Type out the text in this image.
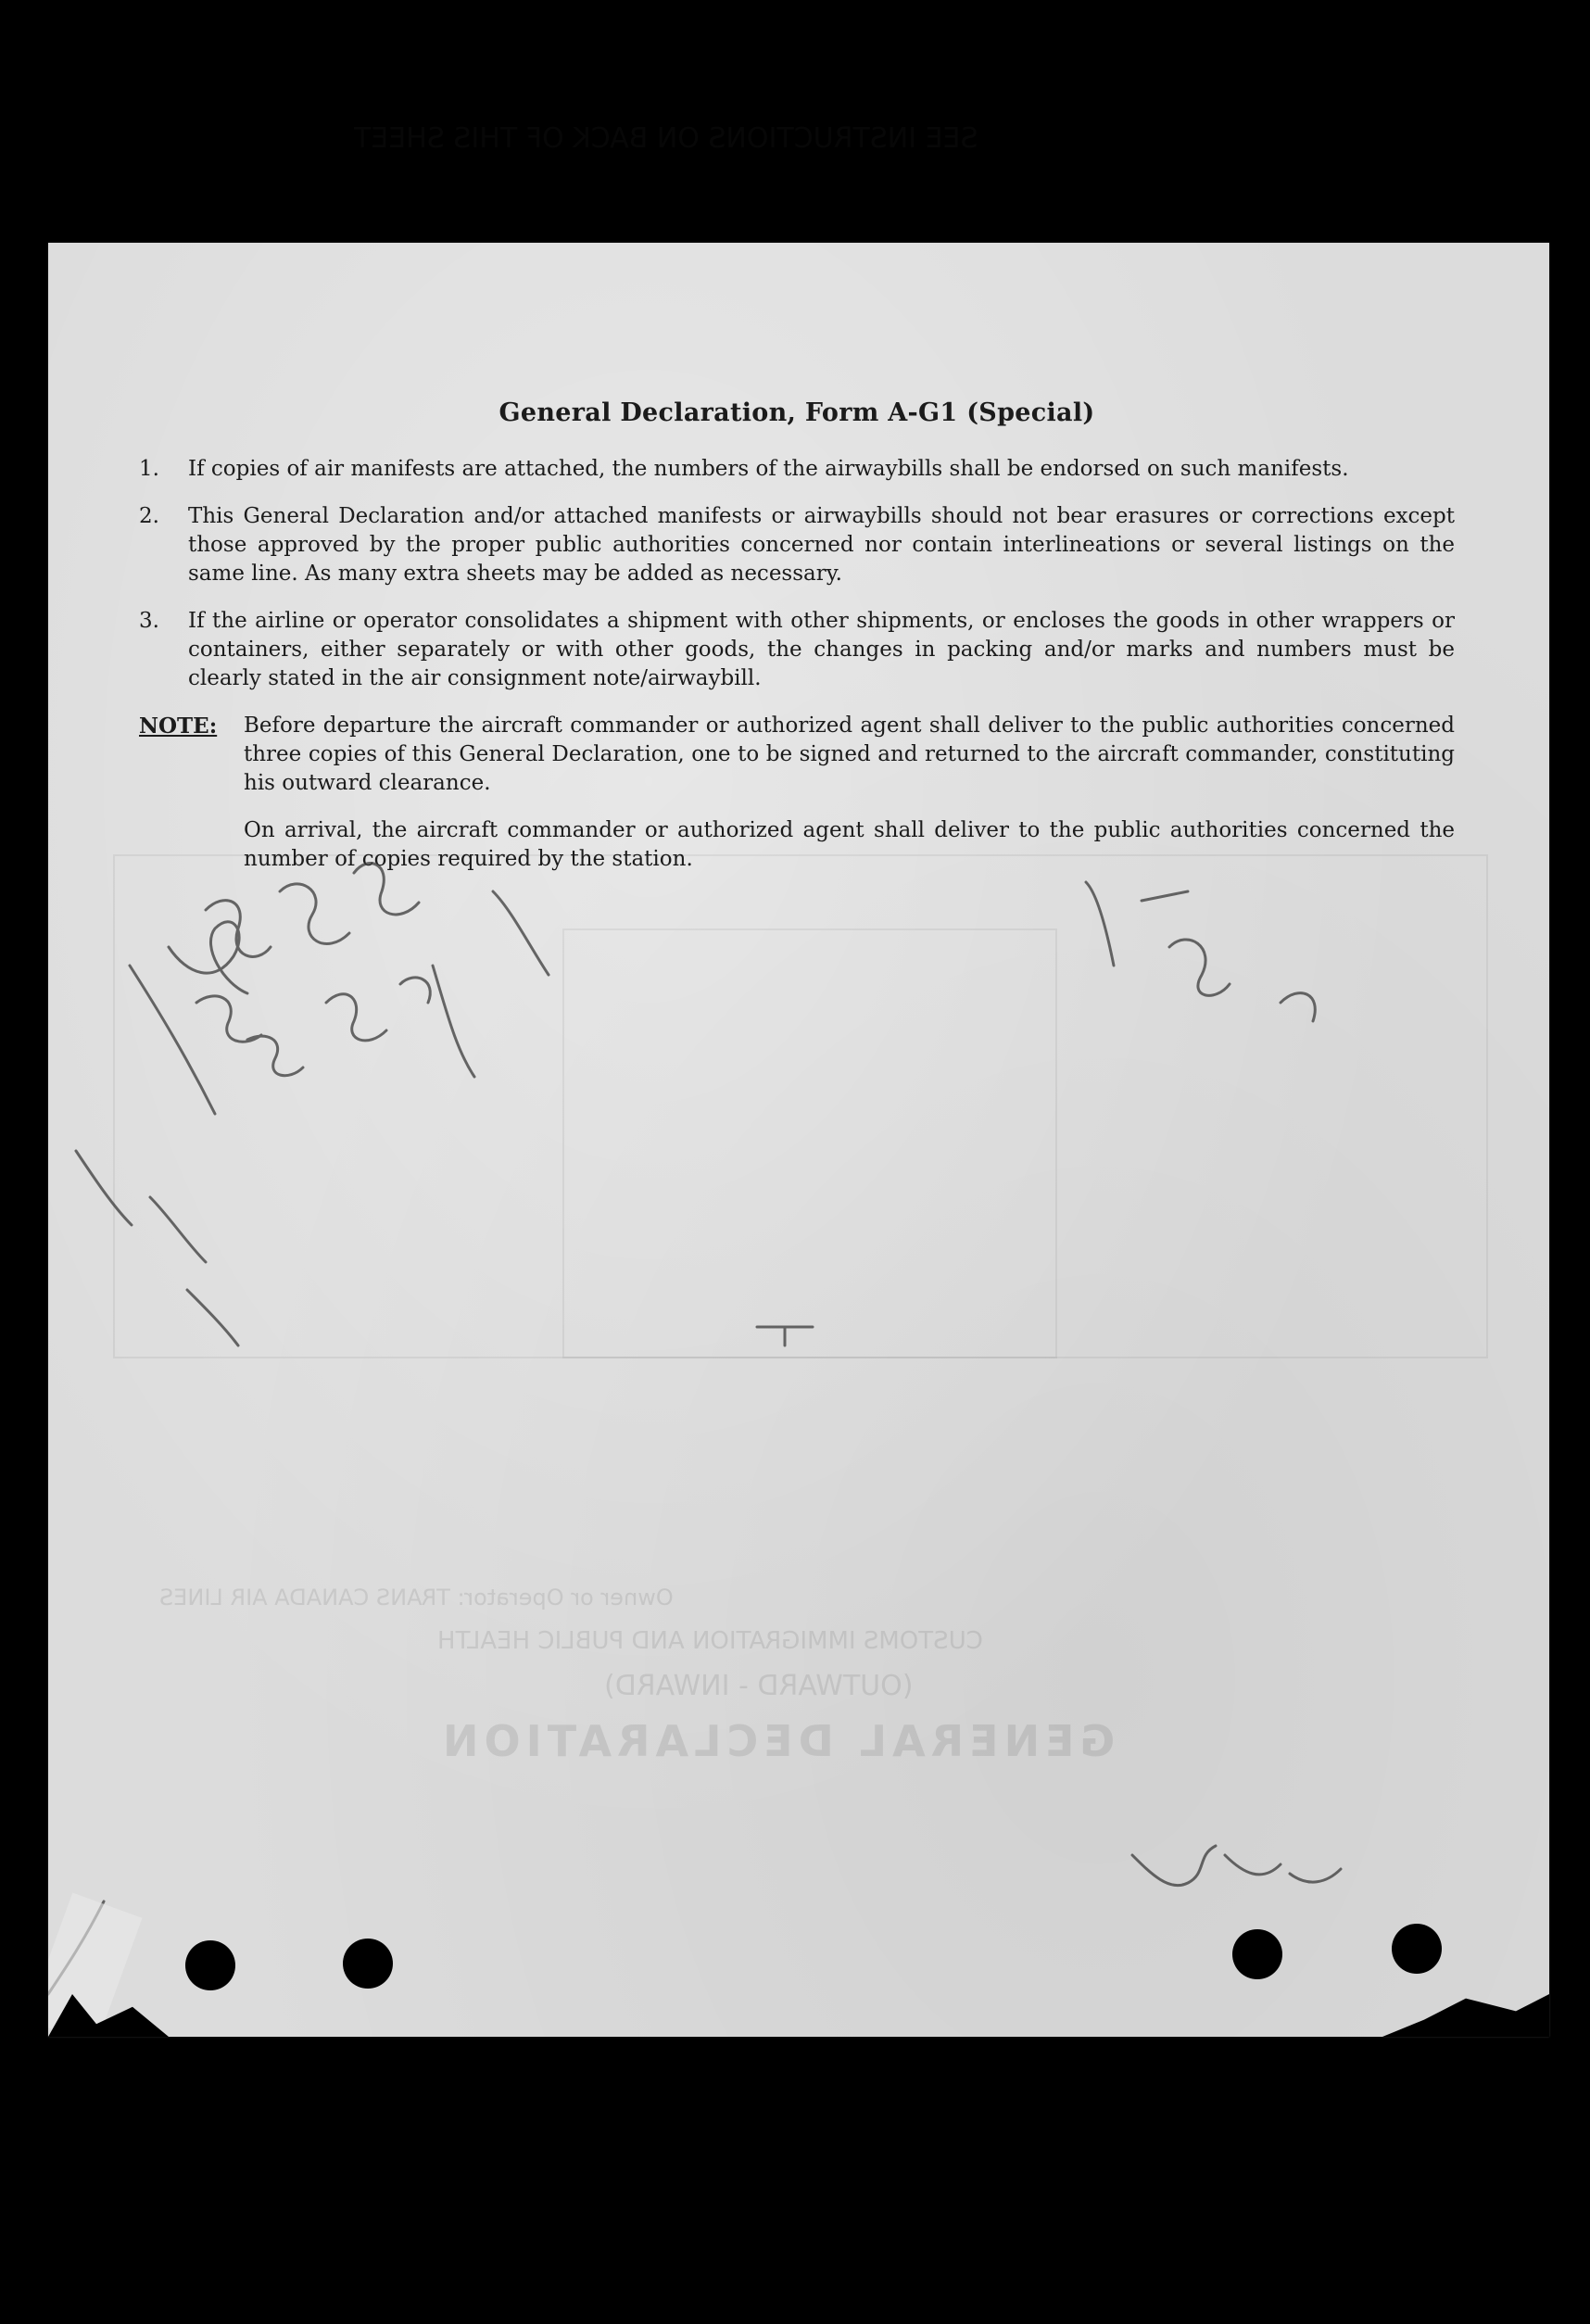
GENERAL DECLARATION
(OUTWARD - INWARD)
CUSTOMS IMMIGRATION AND PUBLIC HEALTH
Owner or Operator: TRANS CANADA AIR LINES
SEE INSTRUCTIONS ON BACK OF THIS SHEET
General Declaration, Form A-G1 (Special)
1.	If copies of air manifests are attached, the numbers of the airwaybills shall be endorsed on such manifests.
2.	This General Declaration and/or attached manifests or airwaybills should not bear erasures or corrections except those approved by the proper public authorities concerned nor contain interlineations or several listings on the same line. As many extra sheets may be added as necessary.
3.	If the airline or operator consolidates a shipment with other shipments, or encloses the goods in other wrappers or containers, either separately or with other goods, the changes in packing and/or marks and numbers must be clearly stated in the air consignment note/airwaybill.
NOTE:	Before departure the aircraft commander or authorized agent shall deliver to the public authorities concerned three copies of this General Declaration, one to be signed and returned to the aircraft commander, constituting his outward clearance.

On arrival, the aircraft commander or authorized agent shall deliver to the public authorities concerned the number of copies required by the station.
